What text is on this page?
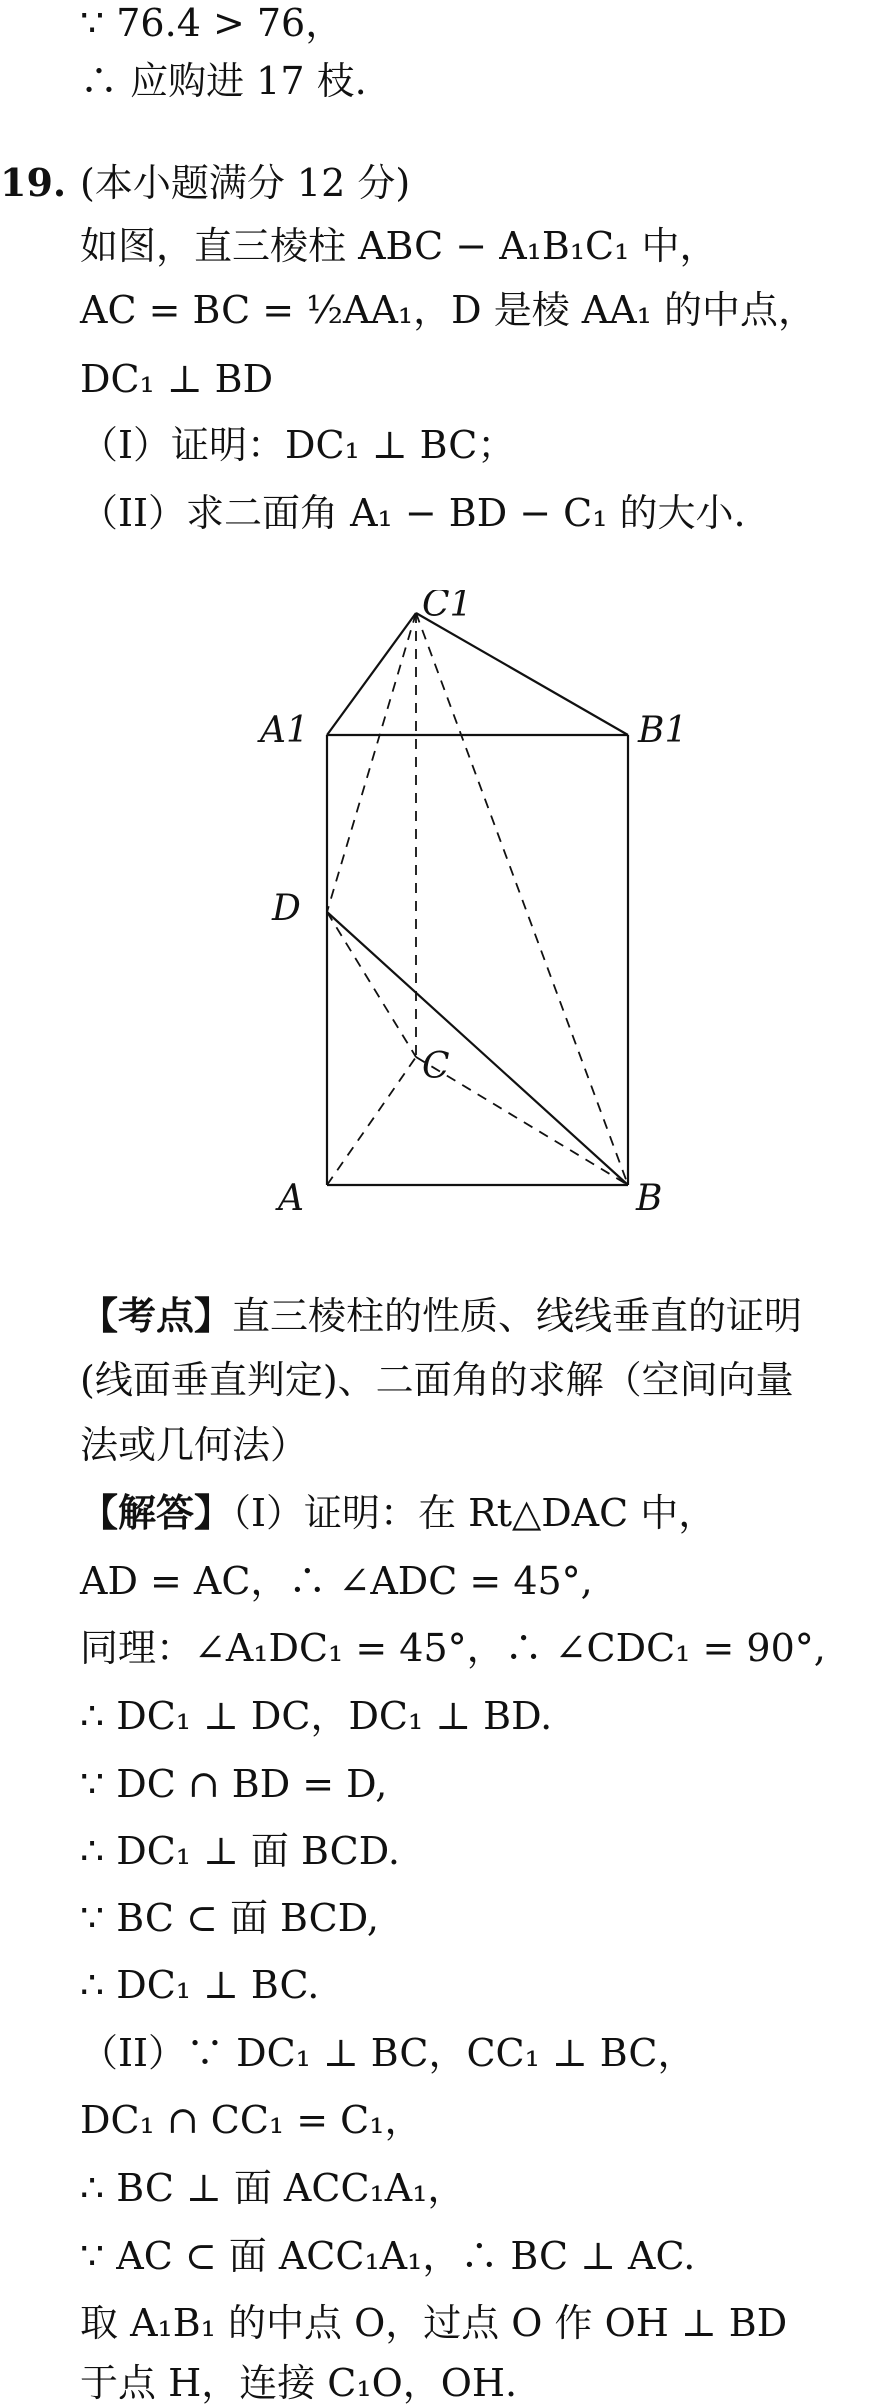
∵ 76.4 > 76，
∴ 应购进 17 枝.
19. (本小题满分 12 分)
如图，直三棱柱 ABC − A₁B₁C₁ 中，
AC = BC = ½AA₁，D 是棱 AA₁ 的中点，
DC₁ ⊥ BD
（I）证明：DC₁ ⊥ BC；
（II）求二面角 A₁ − BD − C₁ 的大小.
C1
A1	B1
D
C
A	B
【考点】直三棱柱的性质、线线垂直的证明
(线面垂直判定)、二面角的求解（空间向量
法或几何法）
【解答】（I）证明：在 Rt△DAC 中，
AD = AC，∴ ∠ADC = 45°,
同理：∠A₁DC₁ = 45°，∴ ∠CDC₁ = 90°,
∴ DC₁ ⊥ DC，DC₁ ⊥ BD.
∵ DC ∩ BD = D,
∴ DC₁ ⊥ 面 BCD.
∵ BC ⊂ 面 BCD,
∴ DC₁ ⊥ BC.
（II）∵ DC₁ ⊥ BC，CC₁ ⊥ BC，
DC₁ ∩ CC₁ = C₁，
∴ BC ⊥ 面 ACC₁A₁，
∵ AC ⊂ 面 ACC₁A₁，∴ BC ⊥ AC.
取 A₁B₁ 的中点 O，过点 O 作 OH ⊥ BD
于点 H，连接 C₁O，OH.
